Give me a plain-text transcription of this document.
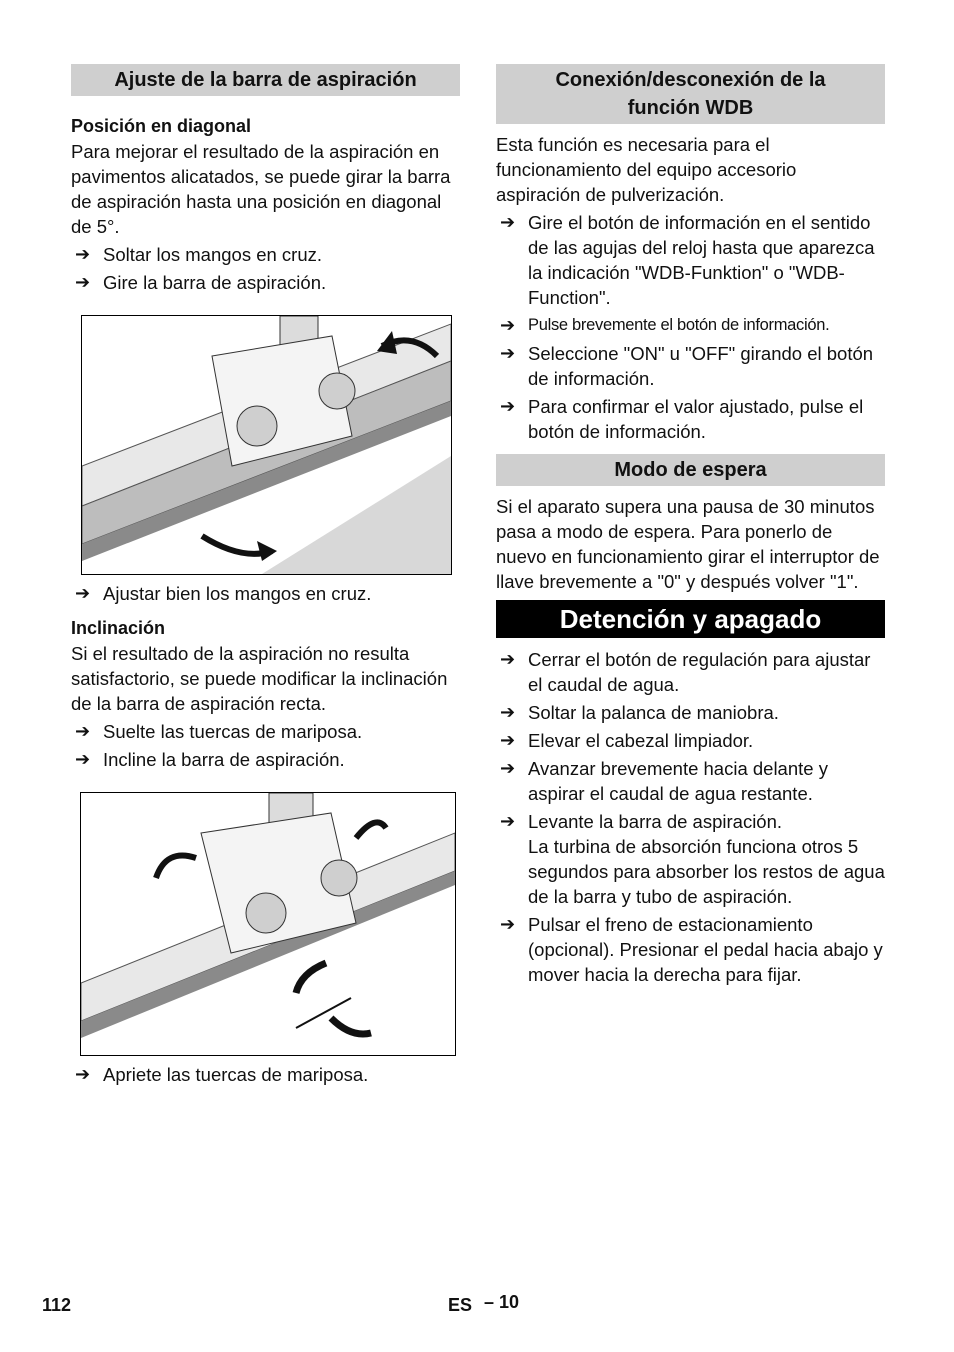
Ajuste de la barra de aspiración
Posición en diagonal

Para mejorar el resultado de la aspiración en pavimentos alicatados, se puede girar la barra de aspiración hasta una posición en diagonal de 5°.

➔ Soltar los mangos en cruz.
➔ Gire la barra de aspiración.
➔ Ajustar bien los mangos en cruz.
Inclinación

Si el resultado de la aspiración no resulta satisfactorio, se puede modificar la inclinación de la barra de aspiración recta.

➔ Suelte las tuercas de mariposa.
➔ Incline la barra de aspiración.
➔ Apriete las tuercas de mariposa.
Conexión/desconexión de la función WDB

Esta función es necesaria para el funcionamiento del equipo accesorio aspiración de pulverización.

➔ Gire el botón de información en el sentido de las agujas del reloj hasta que aparezca la indicación "WDB-Funktion" o "WDB-Function".
➔ Pulse brevemente el botón de información.
➔ Seleccione "ON" u "OFF" girando el botón de información.
➔ Para confirmar el valor ajustado, pulse el botón de información.
Modo de espera

Si el aparato supera una pausa de 30 minutos pasa a modo de espera. Para ponerlo de nuevo en funcionamiento girar el interruptor de llave brevemente a "0" y después volver "1".

Detención y apagado
➔ Cerrar el botón de regulación para ajustar el caudal de agua.
➔ Soltar la palanca de maniobra.
➔ Elevar el cabezal limpiador.
➔ Avanzar brevemente hacia delante y aspirar el caudal de agua restante.
➔ Levante la barra de aspiración.
La turbina de absorción funciona otros 5 segundos para absorber los restos de agua de la barra y tubo de aspiración.
➔ Pulsar el freno de estacionamiento (opcional). Presionar el pedal hacia abajo y mover hacia la derecha para fijar.
112	ES – 10
